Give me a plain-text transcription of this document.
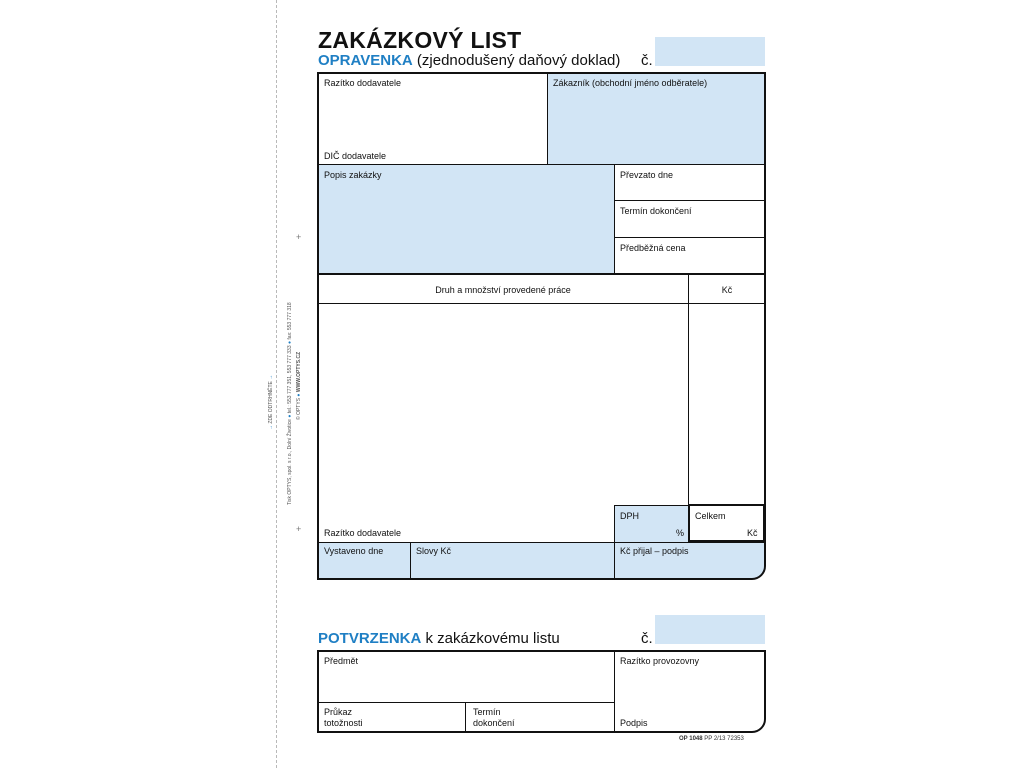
+
+
→ ZDE ODTRHNĚTE →
Tisk OPTYS, spol. s r.o., Dolní Životice ● tel.: 553 777 351, 553 777 333 ● fax: 553 777 318
© OPTYS ● WWW.OPTYS.CZ
ZAKÁZKOVÝ LIST
OPRAVENKA (zjednodušený daňový doklad) č.
Razítko dodavatele	Zákazník (obchodní jméno odběratele)
DIČ dodavatele
Popis zakázky	Převzato dne
Termín dokončení
Předběžná cena
Druh a množství provedené práce	Kč
Razítko dodavatele
DPH
%
Celkem
Kč
Vystaveno dne	Slovy Kč	Kč přijal – podpis
POTVRZENKA k zakázkovému listu	č.
Předmět	Razítko provozovny
Průkaz
totožnosti
Termín
dokončení	Podpis
OP 1048 PP 2/13 72353
